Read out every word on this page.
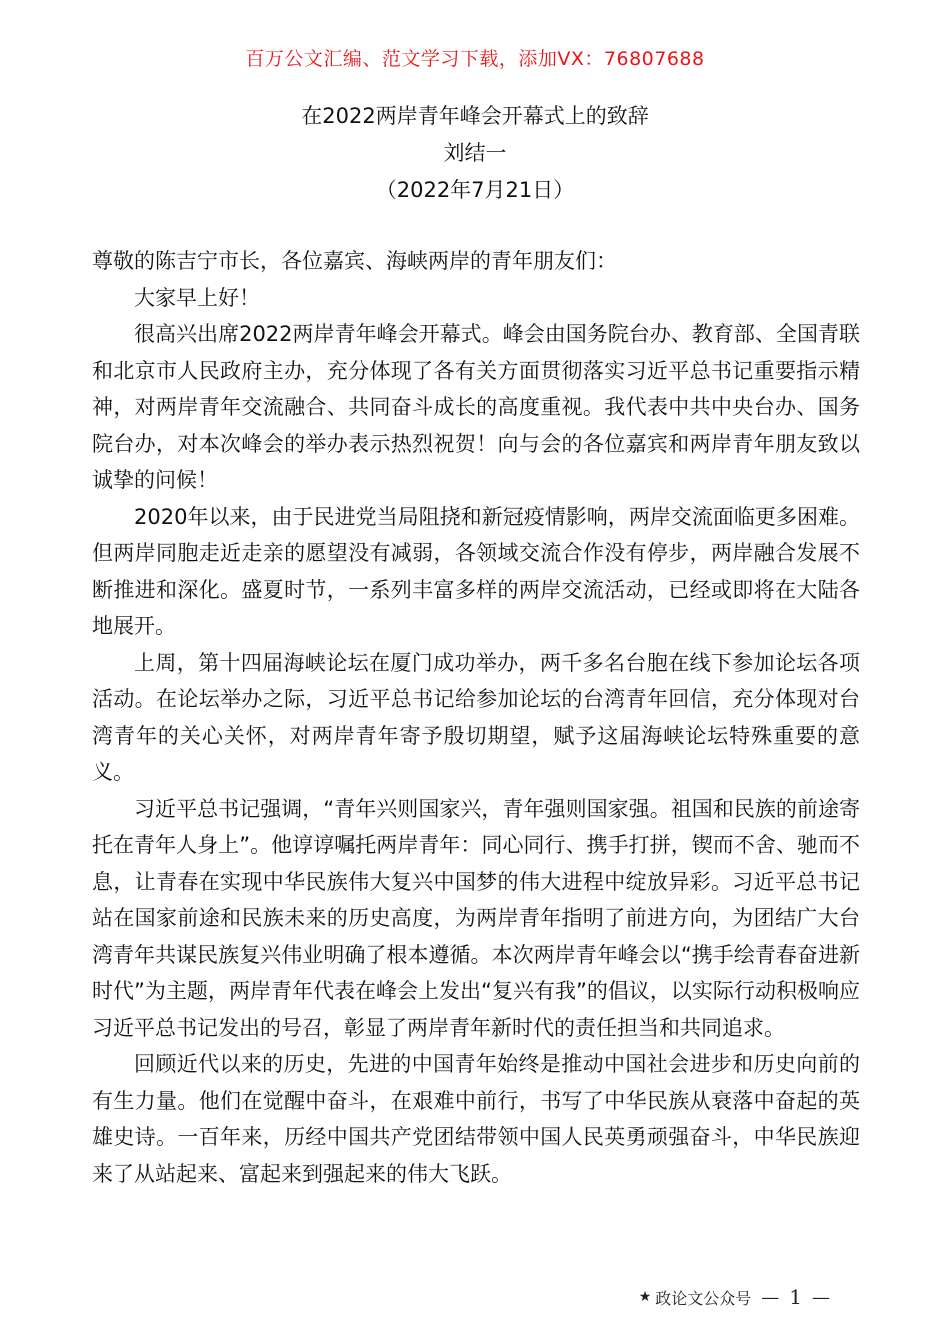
百万公文汇编、范文学习下载，添加VX：76807688
在2022两岸青年峰会开幕式上的致辞
刘结一
（2022年7月21日）

尊敬的陈吉宁市长，各位嘉宾、海峡两岸的青年朋友们：

大家早上好！

很高兴出席2022两岸青年峰会开幕式。峰会由国务院台办、教育部、全国青联和北京市人民政府主办，充分体现了各有关方面贯彻落实习近平总书记重要指示精神，对两岸青年交流融合、共同奋斗成长的高度重视。我代表中共中央台办、国务院台办，对本次峰会的举办表示热烈祝贺！向与会的各位嘉宾和两岸青年朋友致以诚挚的问候！

2020年以来，由于民进党当局阻挠和新冠疫情影响，两岸交流面临更多困难。但两岸同胞走近走亲的愿望没有减弱，各领域交流合作没有停步，两岸融合发展不断推进和深化。盛夏时节，一系列丰富多样的两岸交流活动，已经或即将在大陆各地展开。

上周，第十四届海峡论坛在厦门成功举办，两千多名台胞在线下参加论坛各项活动。在论坛举办之际，习近平总书记给参加论坛的台湾青年回信，充分体现对台湾青年的关心关怀，对两岸青年寄予殷切期望，赋予这届海峡论坛特殊重要的意义。

习近平总书记强调，“青年兴则国家兴，青年强则国家强。祖国和民族的前途寄托在青年人身上”。他谆谆嘱托两岸青年：同心同行、携手打拼，锲而不舍、驰而不息，让青春在实现中华民族伟大复兴中国梦的伟大进程中绽放异彩。习近平总书记站在国家前途和民族未来的历史高度，为两岸青年指明了前进方向，为团结广大台湾青年共谋民族复兴伟业明确了根本遵循。本次两岸青年峰会以“携手绘青春奋进新时代”为主题，两岸青年代表在峰会上发出“复兴有我”的倡议，以实际行动积极响应习近平总书记发出的号召，彰显了两岸青年新时代的责任担当和共同追求。

回顾近代以来的历史，先进的中国青年始终是推动中国社会进步和历史向前的有生力量。他们在觉醒中奋斗，在艰难中前行，书写了中华民族从衰落中奋起的英雄史诗。一百年来，历经中国共产党团结带领中国人民英勇顽强奋斗，中华民族迎来了从站起来、富起来到强起来的伟大飞跃。

★ 政论文公众号 — 1 —
